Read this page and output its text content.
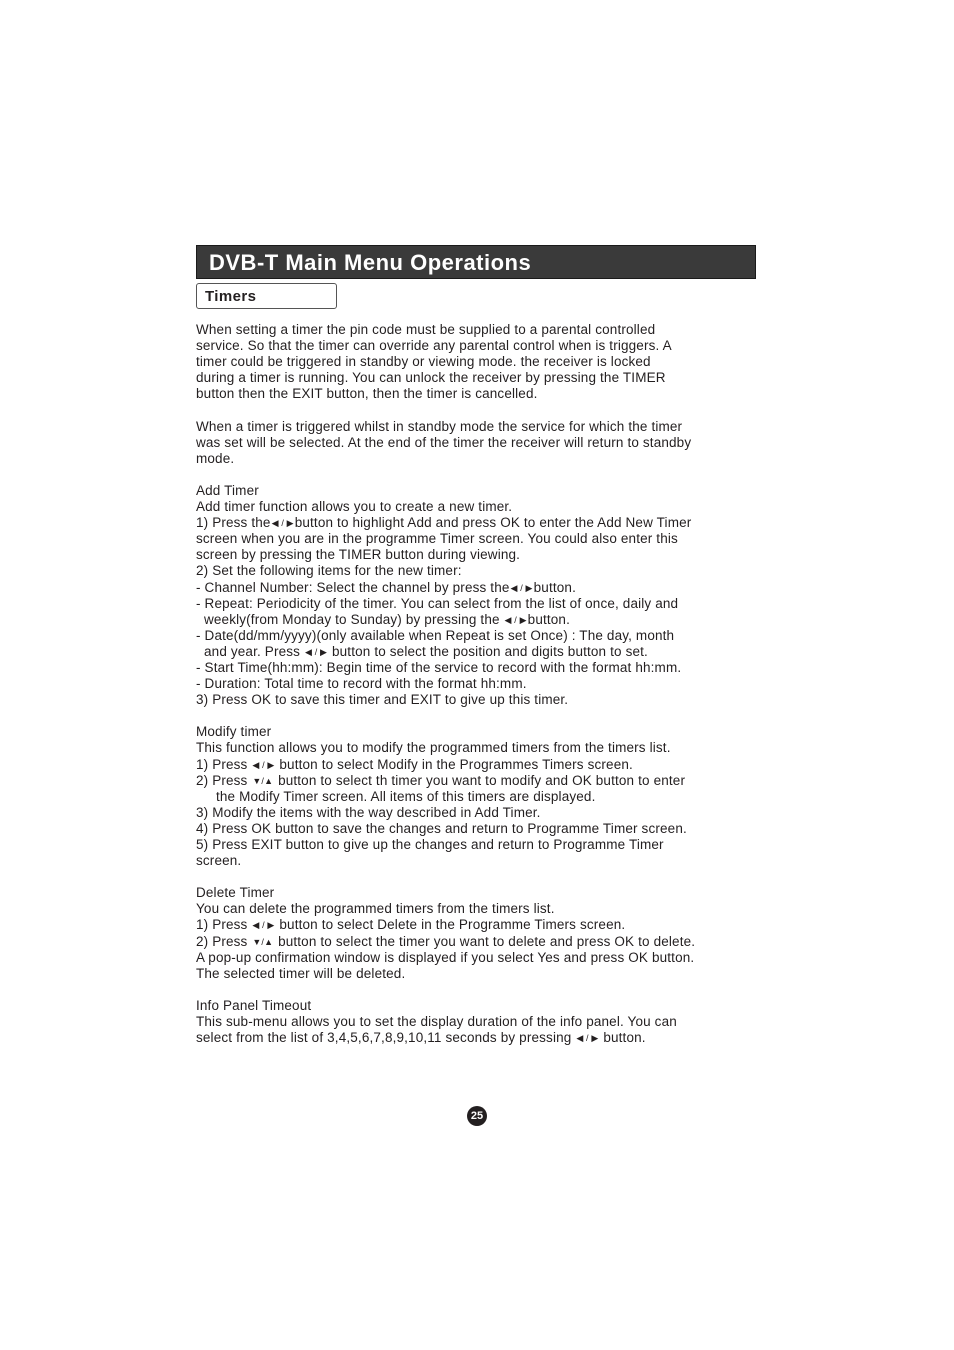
DVB-T Main Menu Operations
Timers
When setting a timer the pin code must be supplied to a parental controlled
service. So that the timer can override any parental control when is triggers. A
timer could be triggered in standby or viewing mode. the receiver is locked
during a timer is running. You can unlock the receiver by pressing the TIMER
button then the EXIT button, then the timer is cancelled.
When a timer is triggered whilst in standby mode the service for which the timer
was set will be selected. At the end of the timer the receiver will return to standby
mode.
Add Timer
Add timer function allows you to create a new timer.
1) Press the◀ / ▶button to highlight Add and press OK to enter the Add New Timer
screen when you are in the programme Timer screen. You could also enter this
screen by pressing the TIMER button during viewing.
2) Set the following items for the new timer:
- Channel Number: Select the channel by press the◀ / ▶button.
- Repeat: Periodicity of the timer. You can select from the list of once, daily and
weekly(from Monday to Sunday) by pressing the ◀ / ▶button.
- Date(dd/mm/yyyy)(only available when Repeat is set Once) : The day, month
and year. Press ◀ / ▶ button to select the position and digits button to set.
- Start Time(hh:mm): Begin time of the service to record with the format hh:mm.
- Duration: Total time to record with the format hh:mm.
3) Press OK to save this timer and EXIT to give up this timer.
Modify timer
This function allows you to modify the programmed timers from the timers list.
1) Press ◀ / ▶ button to select Modify in the Programmes Timers screen.
2) Press ▼/▲ button to select th timer you want to modify and OK button to enter
the Modify Timer screen. All items of this timers are displayed.
3) Modify the items with the way described in Add Timer.
4) Press OK button to save the changes and return to Programme Timer screen.
5) Press EXIT button to give up the changes and return to Programme Timer
screen.
Delete Timer
You can delete the programmed timers from the timers list.
1) Press ◀ / ▶ button to select Delete in the Programme Timers screen.
2) Press ▼/▲ button to select the timer you want to delete and press OK to delete.
A pop-up confirmation window is displayed if you select Yes and press OK button.
The selected timer will be deleted.
Info Panel Timeout
This sub-menu allows you to set the display duration of the info panel. You can
select from the list of 3,4,5,6,7,8,9,10,11 seconds by pressing ◀ / ▶ button.
25
